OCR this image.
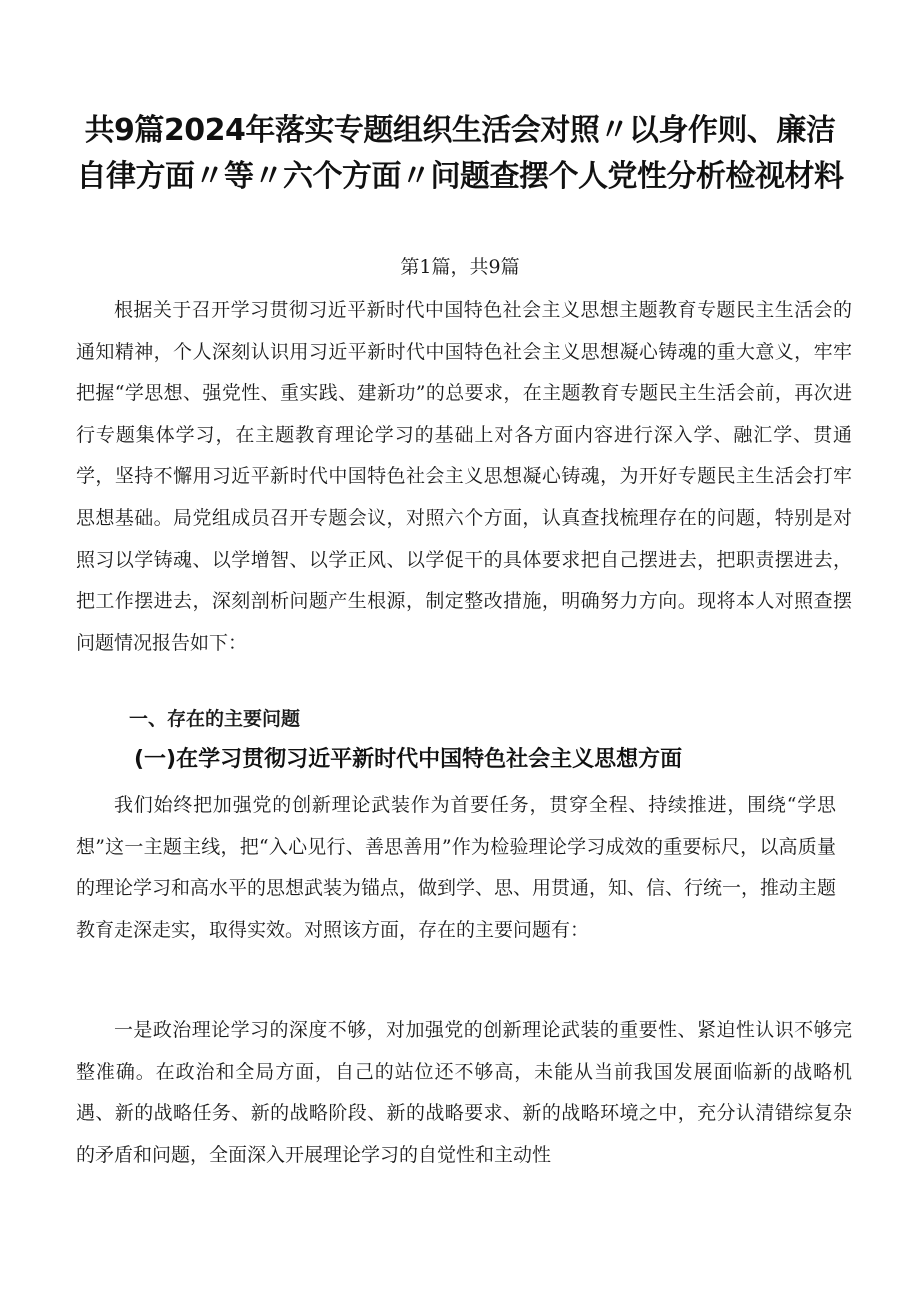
共9篇2024年落实专题组织生活会对照〃以身作则、廉洁
自律方面〃等〃六个方面〃问题查摆个人党性分析检视材料
第1篇，共9篇

根据关于召开学习贯彻习近平新时代中国特色社会主义思想主题教育专题民主生活会的通知精神，个人深刻认识用习近平新时代中国特色社会主义思想凝心铸魂的重大意义，牢牢把握“学思想、强党性、重实践、建新功”的总要求，在主题教育专题民主生活会前，再次进行专题集体学习，在主题教育理论学习的基础上对各方面内容进行深入学、融汇学、贯通学，坚持不懈用习近平新时代中国特色社会主义思想凝心铸魂，为开好专题民主生活会打牢思想基础。局党组成员召开专题会议，对照六个方面，认真查找梳理存在的问题，特别是对照习以学铸魂、以学增智、以学正风、以学促干的具体要求把自己摆进去，把职责摆进去，把工作摆进去，深刻剖析问题产生根源，制定整改措施，明确努力方向。现将本人对照查摆问题情况报告如下：

一、存在的主要问题
(一)在学习贯彻习近平新时代中国特色社会主义思想方面

我们始终把加强党的创新理论武装作为首要任务，贯穿全程、持续推进，围绕“学思想”这一主题主线，把“入心见行、善思善用”作为检验理论学习成效的重要标尺，以高质量的理论学习和高水平的思想武装为锚点，做到学、思、用贯通，知、信、行统一，推动主题教育走深走实，取得实效。对照该方面，存在的主要问题有：

一是政治理论学习的深度不够，对加强党的创新理论武装的重要性、紧迫性认识不够完整准确。在政治和全局方面，自己的站位还不够高，未能从当前我国发展面临新的战略机遇、新的战略任务、新的战略阶段、新的战略要求、新的战略环境之中，充分认清错综复杂的矛盾和问题，全面深入开展理论学习的自觉性和主动性
